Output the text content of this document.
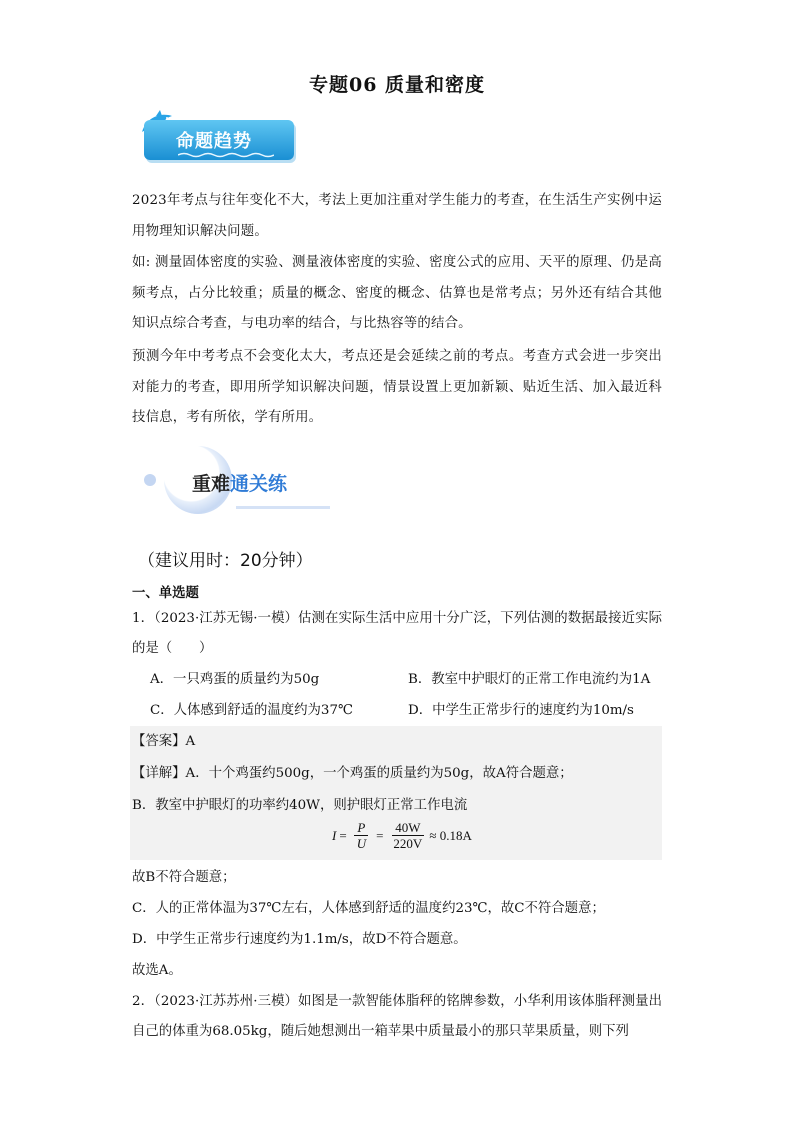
专题06 质量和密度
命题趋势
2023年考点与往年变化不大，考法上更加注重对学生能力的考查，在生活生产实例中运用物理知识解决问题。
如: 测量固体密度的实验、测量液体密度的实验、密度公式的应用、天平的原理、仍是高频考点，占分比较重；质量的概念、密度的概念、估算也是常考点；另外还有结合其他知识点综合考查，与电功率的结合，与比热容等的结合。
预测今年中考考点不会变化太大，考点还是会延续之前的考点。考查方式会进一步突出对能力的考查，即用所学知识解决问题，情景设置上更加新颖、贴近生活、加入最近科技信息，考有所依，学有所用。
重难通关练
（建议用时：20分钟）
一、单选题
1．（2023·江苏无锡·一模）估测在实际生活中应用十分广泛，下列估测的数据最接近实际的是（　　）
A．一只鸡蛋的质量约为50g	B．教室中护眼灯的正常工作电流约为1A
C．人体感到舒适的温度约为37℃	D．中学生正常步行的速度约为10m/s
【答案】A
【详解】A．十个鸡蛋约500g，一个鸡蛋的质量约为50g，故A符合题意；
B．教室中护眼灯的功率约40W，则护眼灯正常工作电流
$I = \frac{P}{U} = \frac{40W}{220V} \approx 0.18A$
故B不符合题意；
C．人的正常体温为37℃左右，人体感到舒适的温度约23℃，故C不符合题意；
D．中学生正常步行速度约为1.1m/s，故D不符合题意。
故选A。
2．（2023·江苏苏州·三模）如图是一款智能体脂秤的铭牌参数，小华利用该体脂秤测量出自己的体重为68.05kg，随后她想测出一箱苹果中质量最小的那只苹果质量，则下列
